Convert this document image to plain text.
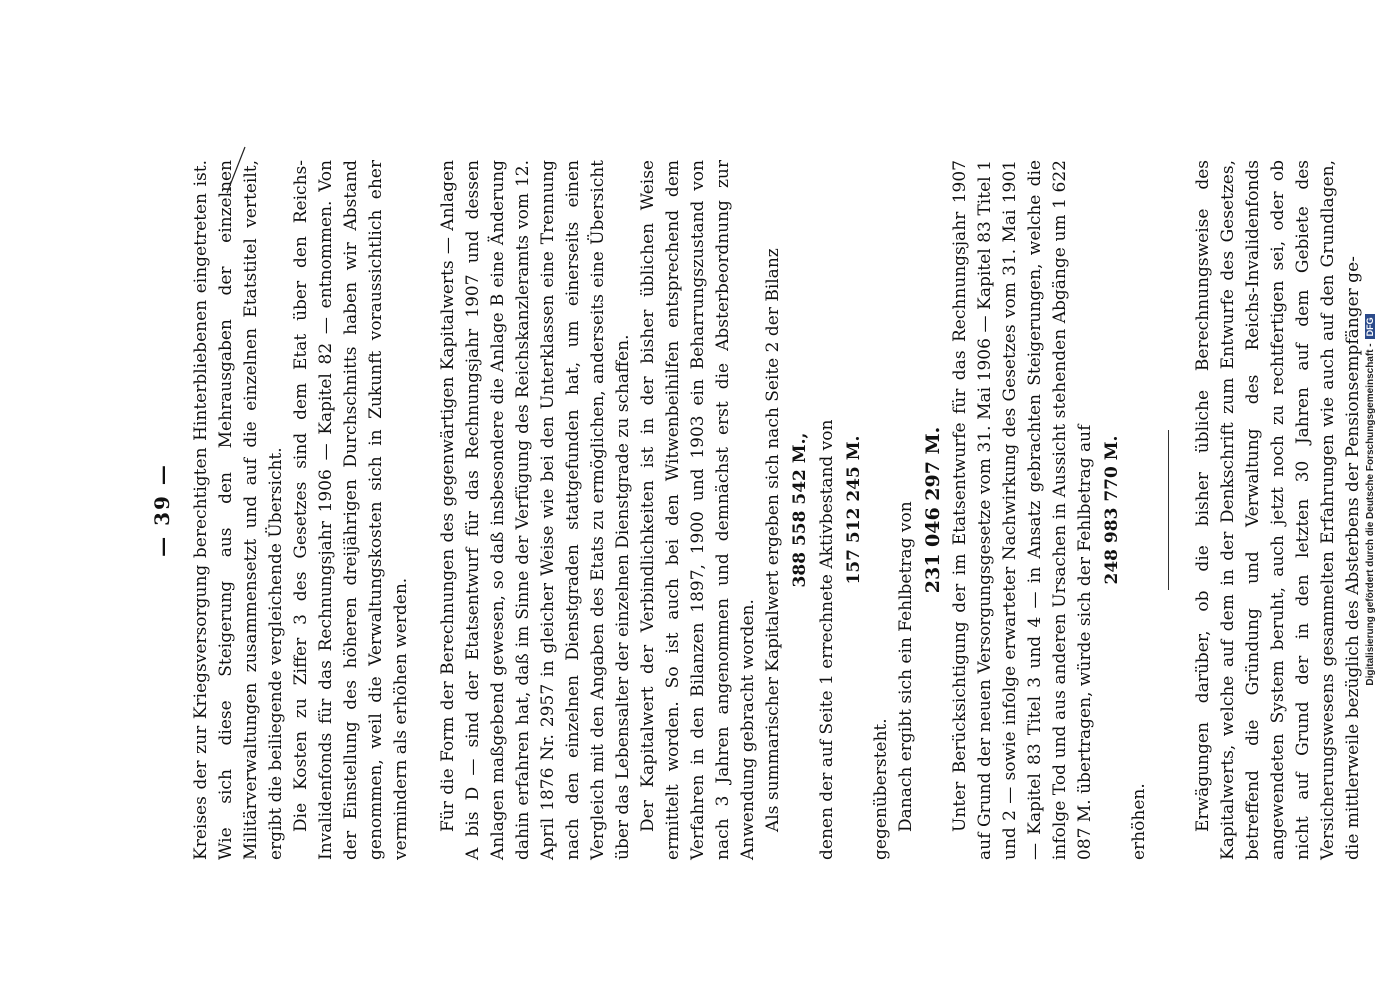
— 39 — Kreises der zur Kriegsversorgung berechtigten Hinterbliebenen eingetreten ist. Wie sich diese Steigerung aus den Mehrausgaben der einzelnen Militärverwaltungen zusammensetzt und auf die einzelnen Etatstitel verteilt, ergibt die beiliegende vergleichende Übersicht. Die Kosten zu Ziffer 3 des Gesetzes sind dem Etat über den Reichs-Invalidenfonds für das Rechnungsjahr 1906 — Kapitel 82 — entnommen. Von der Einstellung des höheren dreijährigen Durchschnitts haben wir Abstand genommen, weil die Verwaltungskosten sich in Zukunft voraussichtlich eher vermindern als erhöhen werden. Für die Form der Berechnungen des gegenwärtigen Kapitalwerts — Anlagen A bis D — sind der Etatsentwurf für das Rechnungsjahr 1907 und dessen Anlagen maßgebend gewesen, so daß insbesondere die Anlage B eine Änderung dahin erfahren hat, daß im Sinne der Verfügung des Reichskanzleramts vom 12. April 1876 Nr. 2957 in gleicher Weise wie bei den Unterklassen eine Trennung nach den einzelnen Dienstgraden stattgefunden hat, um einerseits einen Vergleich mit den Angaben des Etats zu ermöglichen, anderseits eine Übersicht über das Lebensalter der einzelnen Dienstgrade zu schaffen. Der Kapitalwert der Verbindlichkeiten ist in der bisher üblichen Weise ermittelt worden. So ist auch bei den Witwenbeihilfen entsprechend dem Verfahren in den Bilanzen 1897, 1900 und 1903 ein Beharrungszustand von nach 3 Jahren angenommen und demnächst erst die Absterbeordnung zur Anwendung gebracht worden. Als summarischer Kapitalwert ergeben sich nach Seite 2 der Bilanz 388 558 542 M., denen der auf Seite 1 errechnete Aktivbestand von 157 512 245 M.

gegenübersteht. Danach ergibt sich ein Fehlbetrag von 231 046 297 M. Unter Berücksichtigung der im Etatsentwurfe für das Rechnungsjahr 1907 auf Grund der neuen Versorgungsgesetze vom 31. Mai 1906 — Kapitel 83 Titel 1 und 2 — sowie infolge erwarteter Nachwirkung des Gesetzes vom 31. Mai 1901 — Kapitel 83 Titel 3 und 4 — in Ansatz gebrachten Steigerungen, welche die infolge Tod und aus anderen Ursachen in Aussicht stehenden Abgänge um 1 622 087 M. übertragen, würde sich der Fehlbetrag auf 248 983 770 M.

erhöhen.	Erwägungen darüber, ob die bisher übliche Berechnungsweise des Kapitalwerts, welche auf dem in der Denkschrift zum Entwurfe des Gesetzes, betreffend die Gründung und Verwaltung des Reichs-Invalidenfonds angewendeten System beruht, auch jetzt noch zu rechtfertigen sei, oder ob nicht auf Grund der in den letzten 30 Jahren auf dem Gebiete des Versicherungswesens gesammelten Erfahrungen wie auch auf den Grundlagen, die mittlerweile bezüglich des Absterbens der Pensionsempfänger ge- Digitalisierung gefördert durch die Deutsche Forschungsgemeinschaft -
DFG
